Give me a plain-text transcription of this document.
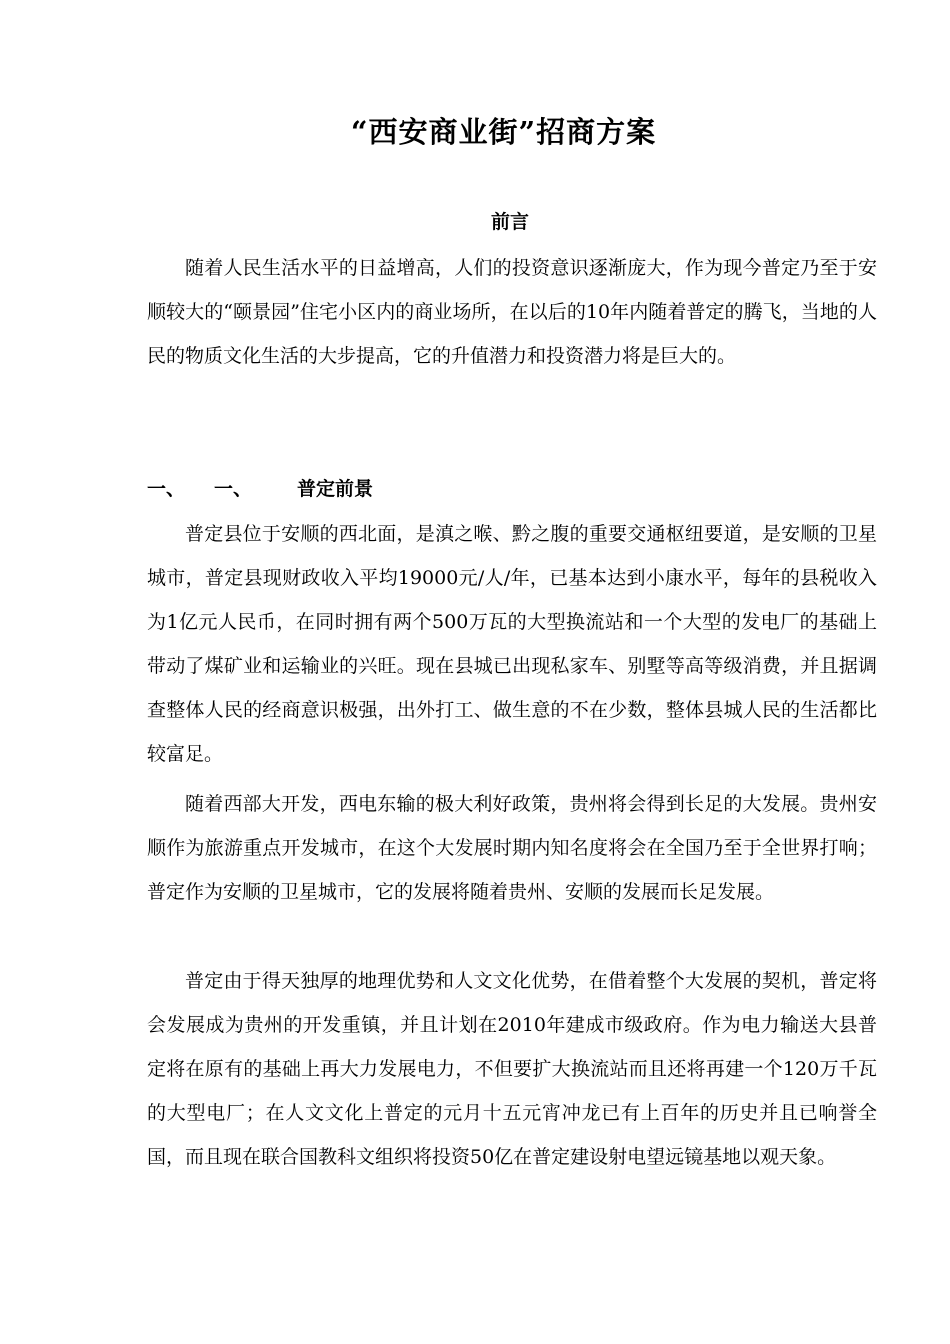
“西安商业街”招商方案
前言

随着人民生活水平的日益增高，人们的投资意识逐渐庞大，作为现今普定乃至于安顺较大的“颐景园”住宅小区内的商业场所，在以后的10年内随着普定的腾飞，当地的人民的物质文化生活的大步提高，它的升值潜力和投资潜力将是巨大的。

一、 一、 普定前景

普定县位于安顺的西北面，是滇之喉、黔之腹的重要交通枢纽要道，是安顺的卫星城市，普定县现财政收入平均19000元/人/年，已基本达到小康水平，每年的县税收入为1亿元人民币，在同时拥有两个500万瓦的大型换流站和一个大型的发电厂的基础上带动了煤矿业和运输业的兴旺。现在县城已出现私家车、别墅等高等级消费，并且据调查整体人民的经商意识极强，出外打工、做生意的不在少数，整体县城人民的生活都比较富足。

随着西部大开发，西电东输的极大利好政策，贵州将会得到长足的大发展。贵州安顺作为旅游重点开发城市，在这个大发展时期内知名度将会在全国乃至于全世界打响；普定作为安顺的卫星城市，它的发展将随着贵州、安顺的发展而长足发展。

普定由于得天独厚的地理优势和人文文化优势，在借着整个大发展的契机，普定将会发展成为贵州的开发重镇，并且计划在2010年建成市级政府。作为电力输送大县普定将在原有的基础上再大力发展电力，不但要扩大换流站而且还将再建一个120万千瓦的大型电厂；在人文文化上普定的元月十五元宵冲龙已有上百年的历史并且已响誉全国，而且现在联合国教科文组织将投资50亿在普定建设射电望远镜基地以观天象。
